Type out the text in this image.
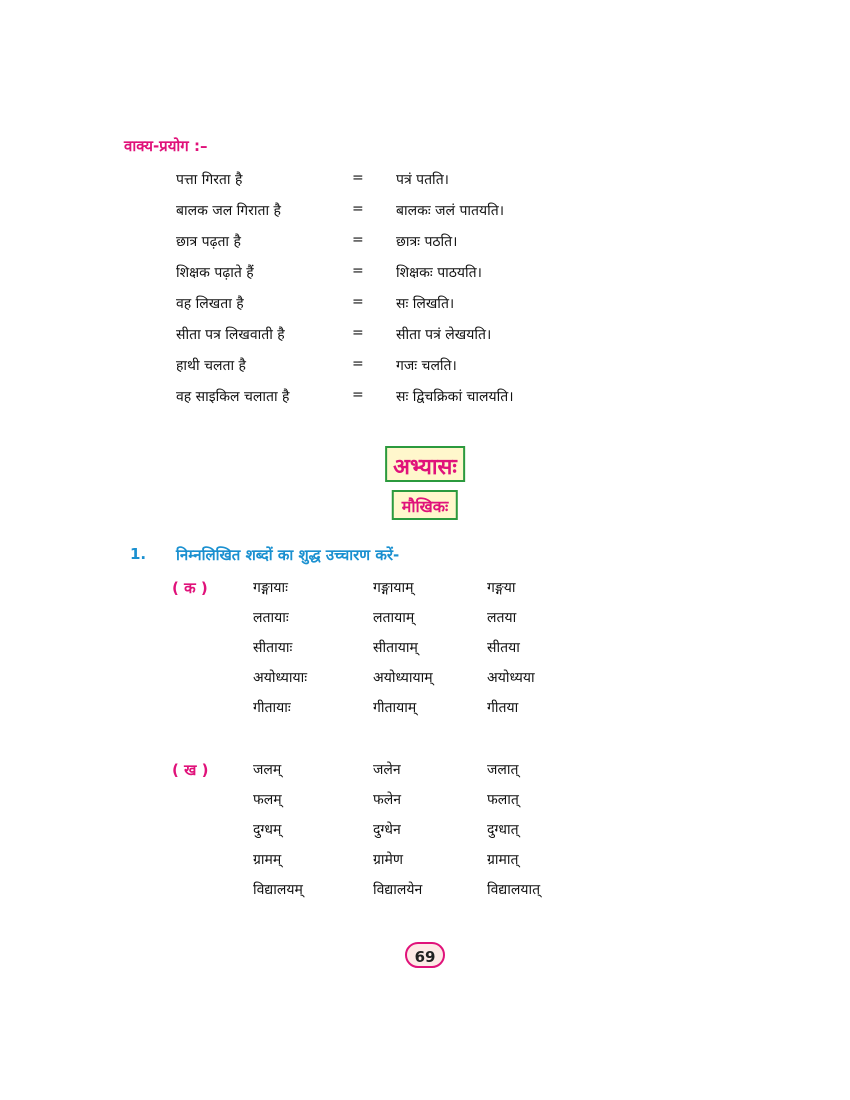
वाक्य-प्रयोग :–
पत्ता गिरता है	= पत्रं पतति।
बालक जल गिराता है	= बालकः जलं पातयति।
छात्र पढ़ता है	= छात्रः पठति।
शिक्षक पढ़ाते हैं	= शिक्षकः पाठयति।
वह लिखता है	= सः लिखति।
सीता पत्र लिखवाती है	= सीता पत्रं लेखयति।
हाथी चलता है	= गजः चलति।
वह साइकिल चलाता है	= सः द्विचक्रिकां चालयति।
अभ्यासः
मौखिकः
1. निम्नलिखित शब्दों का शुद्ध उच्चारण करें-
( क )	गङ्गायाः	गङ्गायाम्	गङ्गया
लतायाः	लतायाम्	लतया
सीतायाः	सीतायाम्	सीतया
अयोध्यायाः	अयोध्यायाम्	अयोध्यया
गीतायाः	गीतायाम्	गीतया
( ख )	जलम्	जलेन	जलात्
फलम्	फलेन	फलात्
दुग्धम्	दुग्धेन	दुग्धात्
ग्रामम्	ग्रामेण	ग्रामात्
विद्यालयम्	विद्यालयेन	विद्यालयात्
69
